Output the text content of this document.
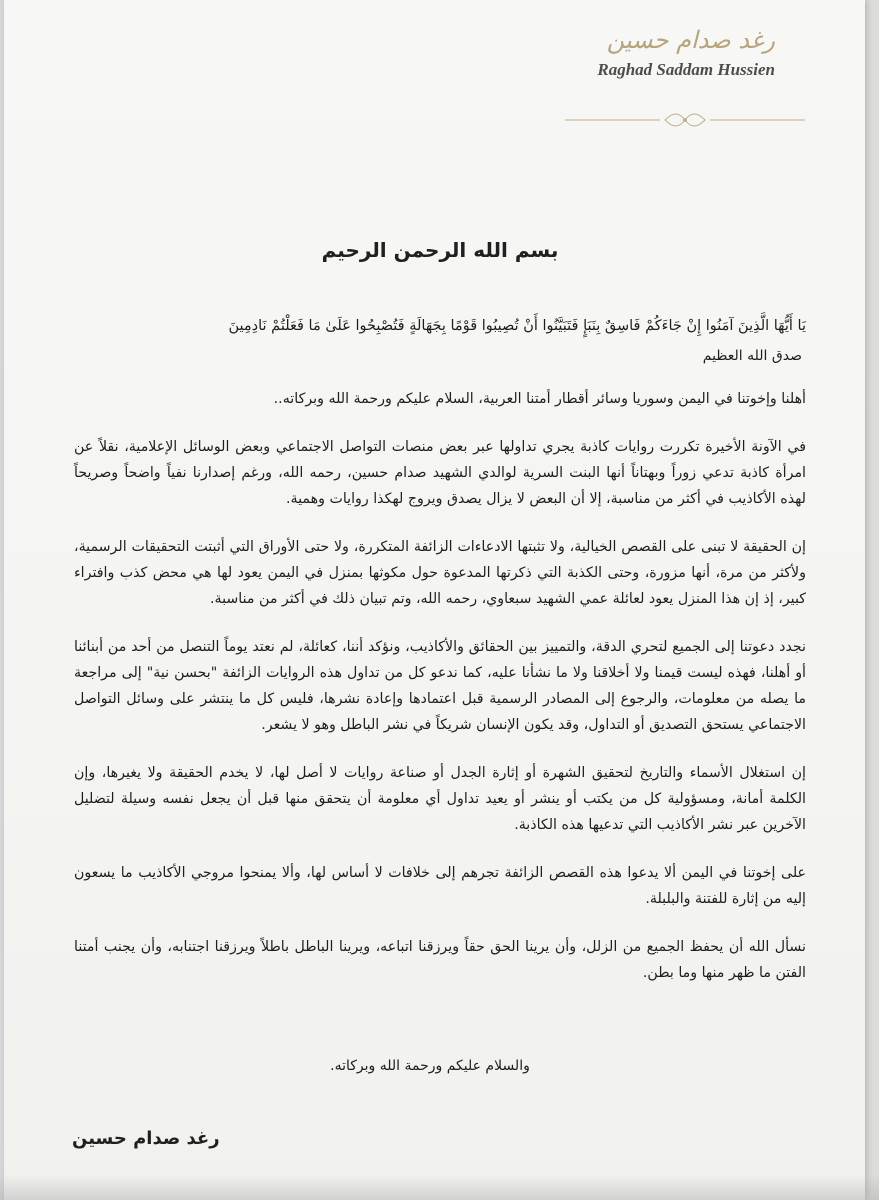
رغد صدام حسين
Raghad Saddam Hussien
بسم الله الرحمن الرحيم
يَا أَيُّهَا الَّذِينَ آمَنُوا إِنْ جَاءَكُمْ فَاسِقٌ بِنَبَإٍ فَتَبَيَّنُوا أَنْ تُصِيبُوا قَوْمًا بِجَهَالَةٍ فَتُصْبِحُوا عَلَىٰ مَا فَعَلْتُمْ نَادِمِينَ
صدق الله العظيم

أهلنا وإخوتنا في اليمن وسوريا وسائر أقطار أمتنا العربية، السلام عليكم ورحمة الله وبركاته..

في الآونة الأخيرة تكررت روايات كاذبة يجري تداولها عبر بعض منصات التواصل الاجتماعي وبعض الوسائل الإعلامية، نقلاً عن امرأة كاذبة تدعي زوراً وبهتاناً أنها البنت السرية لوالدي الشهيد صدام حسين، رحمه الله، ورغم إصدارنا نفياً واضحاً وصريحاً لهذه الأكاذيب في أكثر من مناسبة، إلا أن البعض لا يزال يصدق ويروج لهكذا روايات وهمية.

إن الحقيقة لا تبنى على القصص الخيالية، ولا تثبتها الادعاءات الزائفة المتكررة، ولا حتى الأوراق التي أثبتت التحقيقات الرسمية، ولأكثر من مرة، أنها مزورة، وحتى الكذبة التي ذكرتها المدعوة حول مكوثها بمنزل في اليمن يعود لها هي محض كذب وافتراء كبير، إذ إن هذا المنزل يعود لعائلة عمي الشهيد سبعاوي، رحمه الله، وتم تبيان ذلك في أكثر من مناسبة.

نجدد دعوتنا إلى الجميع لتحري الدقة، والتمييز بين الحقائق والأكاذيب، ونؤكد أننا، كعائلة، لم نعتد يوماً التنصل من أحد من أبنائنا أو أهلنا، فهذه ليست قيمنا ولا أخلاقنا ولا ما نشأنا عليه، كما ندعو كل من تداول هذه الروايات الزائفة "بحسن نية" إلى مراجعة ما يصله من معلومات، والرجوع إلى المصادر الرسمية قبل اعتمادها وإعادة نشرها، فليس كل ما ينتشر على وسائل التواصل الاجتماعي يستحق التصديق أو التداول، وقد يكون الإنسان شريكاً في نشر الباطل وهو لا يشعر.

إن استغلال الأسماء والتاريخ لتحقيق الشهرة أو إثارة الجدل أو صناعة روايات لا أصل لها، لا يخدم الحقيقة ولا يغيرها، وإن الكلمة أمانة، ومسؤولية كل من يكتب أو ينشر أو يعيد تداول أي معلومة أن يتحقق منها قبل أن يجعل نفسه وسيلة لتضليل الآخرين عبر نشر الأكاذيب التي تدعيها هذه الكاذبة.

على إخوتنا في اليمن ألا يدعوا هذه القصص الزائفة تجرهم إلى خلافات لا أساس لها، وألا يمنحوا مروجي الأكاذيب ما يسعون إليه من إثارة للفتنة والبلبلة.

نسأل الله أن يحفظ الجميع من الزلل، وأن يرينا الحق حقاً ويرزقنا اتباعه، ويرينا الباطل باطلاً ويرزقنا اجتنابه، وأن يجنب أمتنا الفتن ما ظهر منها وما بطن.

والسلام عليكم ورحمة الله وبركاته.
رغد صدام حسين
